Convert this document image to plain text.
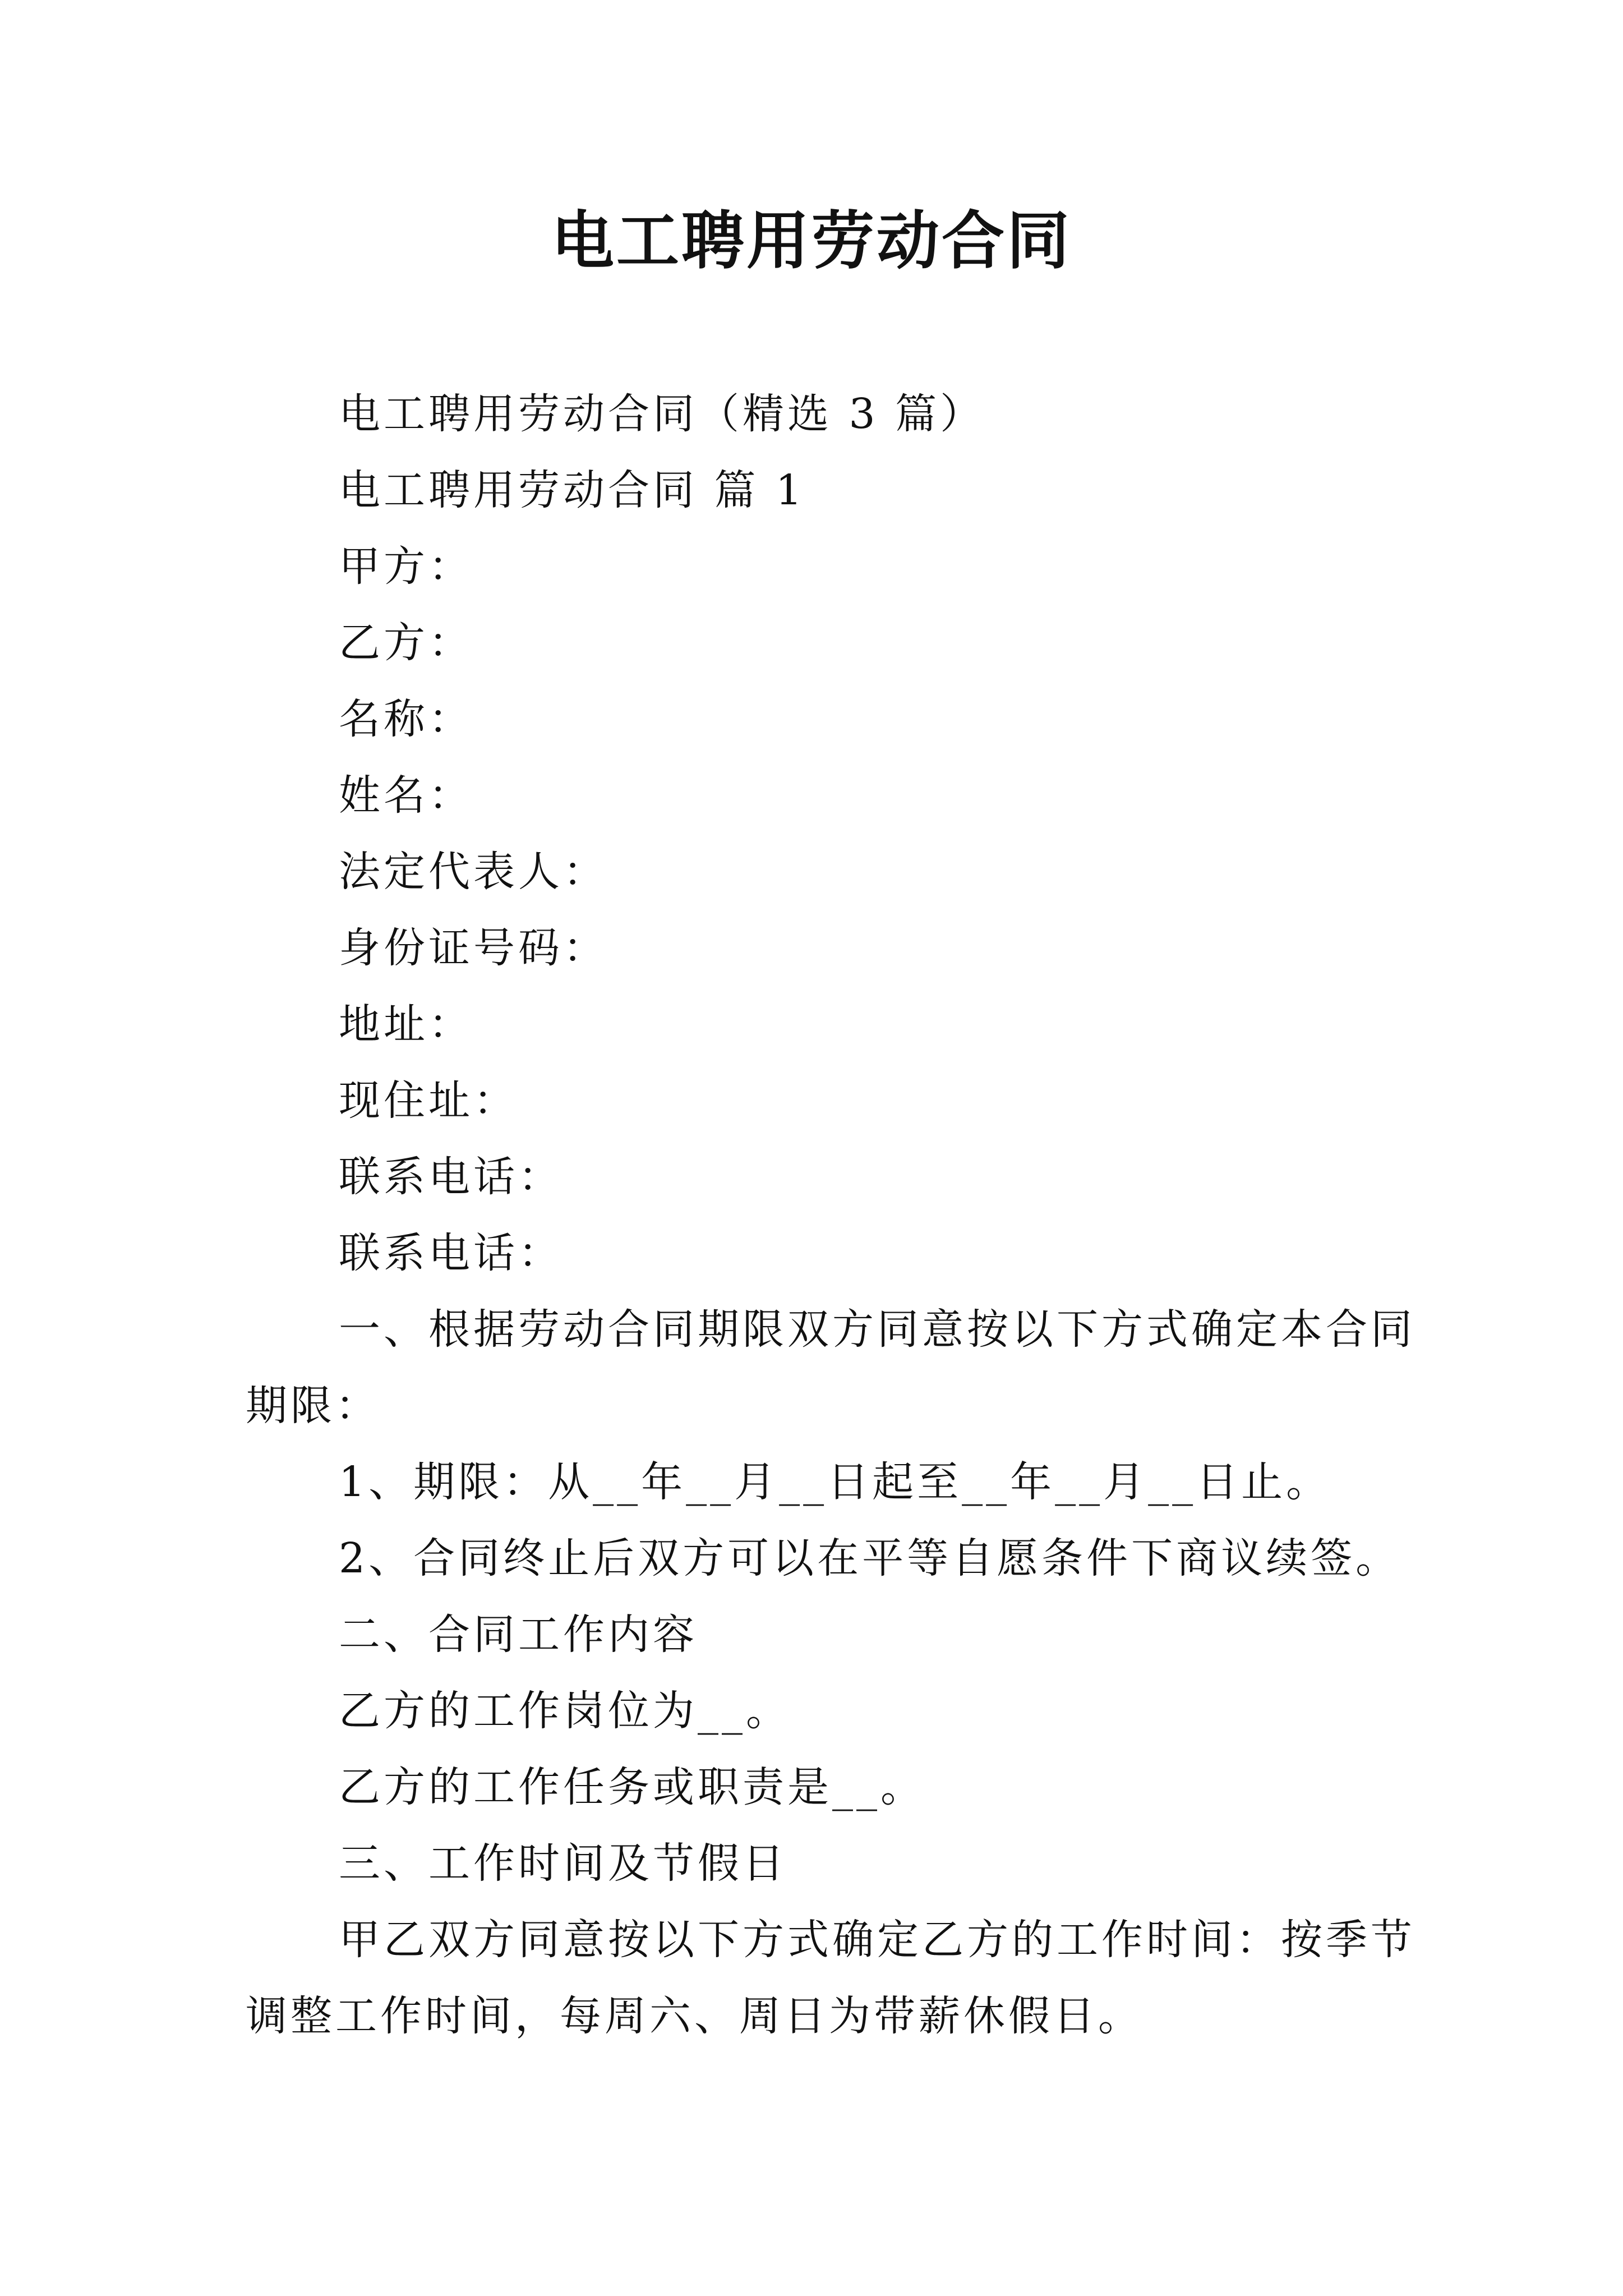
电工聘用劳动合同

电工聘用劳动合同（精选 3 篇）

电工聘用劳动合同 篇 1

甲方：

乙方：

名称：

姓名：

法定代表人：

身份证号码：

地址：

现住址：

联系电话：

联系电话：

一、根据劳动合同期限双方同意按以下方式确定本合同

期限：

1、期限：从__年__月__日起至__年__月__日止。

2、合同终止后双方可以在平等自愿条件下商议续签。

二、合同工作内容

乙方的工作岗位为__。

乙方的工作任务或职责是__。

三、工作时间及节假日

甲乙双方同意按以下方式确定乙方的工作时间：按季节

调整工作时间，每周六、周日为带薪休假日。
